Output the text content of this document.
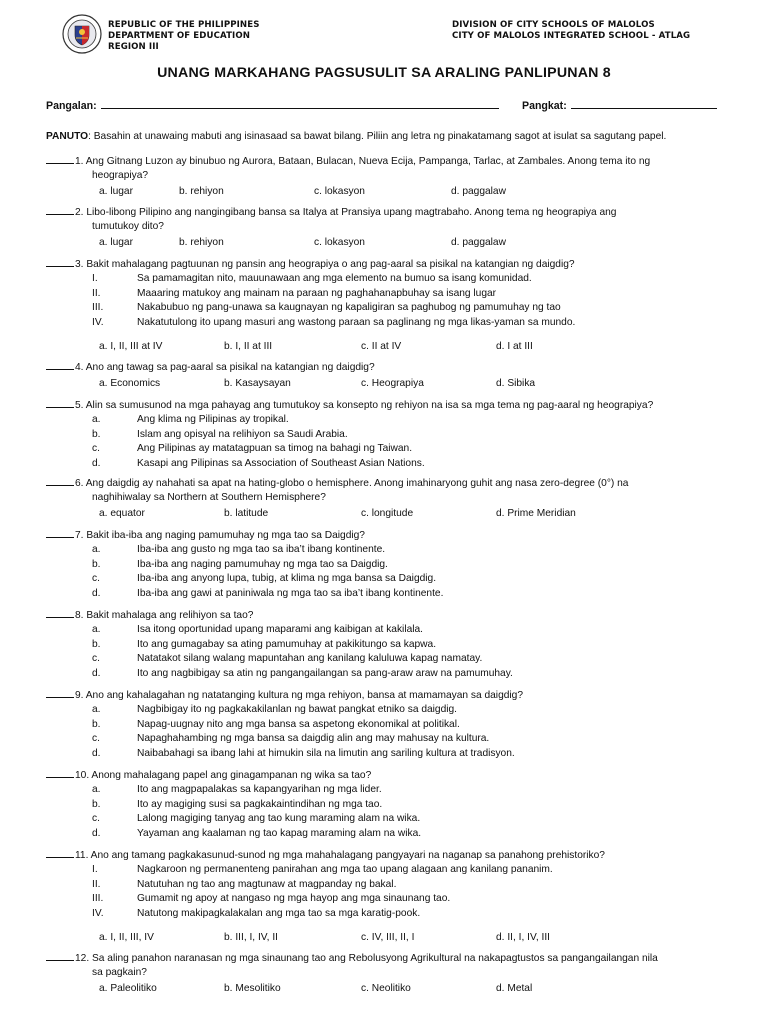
REPUBLIC OF THE PHILIPPINES
DEPARTMENT OF EDUCATION
REGION III
DIVISION OF CITY SCHOOLS OF MALOLOS
CITY OF MALOLOS INTEGRATED SCHOOL - ATLAG
UNANG MARKAHANG PAGSUSULIT SA ARALING PANLIPUNAN 8
Pangalan:	Pangkat:
PANUTO: Basahin at unawaing mabuti ang isinasaad sa bawat bilang. Piliin ang letra ng pinakatamang sagot at isulat sa sagutang papel.
1. Ang Gitnang Luzon ay binubuo ng Aurora, Bataan, Bulacan, Nueva Ecija, Pampanga, Tarlac, at Zambales. Anong tema ito ng
heograpiya?
a. lugar	b. rehiyon	c. lokasyon	d. paggalaw
2. Libo-libong Pilipino ang nangingibang bansa sa Italya at Pransiya upang magtrabaho. Anong tema ng heograpiya ang
tumutukoy dito?
a. lugar	b. rehiyon	c. lokasyon	d. paggalaw
3. Bakit mahalagang pagtuunan ng pansin ang heograpiya o ang pag-aaral sa pisikal na katangian ng daigdig?
I.	Sa pamamagitan nito, mauunawaan ang mga elemento na bumuo sa isang komunidad.
II.	Maaaring matukoy ang mainam na paraan ng paghahanapbuhay sa isang lugar
III.	Nakabubuo ng pang-unawa sa kaugnayan ng kapaligiran sa paghubog ng pamumuhay ng tao
IV.	Nakatutulong ito upang masuri ang wastong paraan sa paglinang ng mga likas-yaman sa mundo.
a. I, II, III at IV	b. I, II at III	c. II at IV	d. I at III
4. Ano ang tawag sa pag-aaral sa pisikal na katangian ng daigdig?
a. Economics	b. Kasaysayan	c. Heograpiya	d. Sibika
5. Alin sa sumusunod na mga pahayag ang tumutukoy sa konsepto ng rehiyon na isa sa mga tema ng pag-aaral ng heograpiya?
a.	Ang klima ng Pilipinas ay tropikal.
b.	Islam ang opisyal na relihiyon sa Saudi Arabia.
c.	Ang Pilipinas ay matatagpuan sa timog na bahagi ng Taiwan.
d.	Kasapi ang Pilipinas sa Association of Southeast Asian Nations.
6. Ang daigdig ay nahahati sa apat na hating-globo o hemisphere. Anong imahinaryong guhit ang nasa zero-degree (0°) na
naghihiwalay sa Northern at Southern Hemisphere?
a. equator	b. latitude	c. longitude	d. Prime Meridian
7. Bakit iba-iba ang naging pamumuhay ng mga tao sa Daigdig?
a.	Iba-iba ang gusto ng mga tao sa iba’t ibang kontinente.
b.	Iba-iba ang naging pamumuhay ng mga tao sa Daigdig.
c.	Iba-iba ang anyong lupa, tubig, at klima ng mga bansa sa Daigdig.
d.	Iba-iba ang gawi at paniniwala ng mga tao sa iba’t ibang kontinente.
8. Bakit mahalaga ang relihiyon sa tao?
a.	Isa itong oportunidad upang maparami ang kaibigan at kakilala.
b.	Ito ang gumagabay sa ating pamumuhay at pakikitungo sa kapwa.
c.	Natatakot silang walang mapuntahan ang kanilang kaluluwa kapag namatay.
d.	Ito ang nagbibigay sa atin ng pangangailangan sa pang-araw araw na pamumuhay.
9. Ano ang kahalagahan ng natatanging kultura ng mga rehiyon, bansa at mamamayan sa daigdig?
a.	Nagbibigay ito ng pagkakakilanlan ng bawat pangkat etniko sa daigdig.
b.	Napag-uugnay nito ang mga bansa sa aspetong ekonomikal at politikal.
c.	Napaghahambing ng mga bansa sa daigdig alin ang may mahusay na kultura.
d.	Naibabahagi sa ibang lahi at himukin sila na limutin ang sariling kultura at tradisyon.
10. Anong mahalagang papel ang ginagampanan ng wika sa tao?
a.	Ito ang magpapalakas sa kapangyarihan ng mga lider.
b.	Ito ay magiging susi sa pagkakaintindihan ng mga tao.
c.	Lalong magiging tanyag ang tao kung maraming alam na wika.
d.	Yayaman ang kaalaman ng tao kapag maraming alam na wika.
11. Ano ang tamang pagkakasunud-sunod ng mga mahahalagang pangyayari na naganap sa panahong prehistoriko?
I.	Nagkaroon ng permanenteng panirahan ang mga tao upang alagaan ang kanilang pananim.
II.	Natutuhan ng tao ang magtunaw at magpanday ng bakal.
III.	Gumamit ng apoy at nangaso ng mga hayop ang mga sinaunang tao.
IV.	Natutong makipagkalakalan ang mga tao sa mga karatig-pook.
a. I, II, III, IV	b. III, I, IV, II	c. IV, III, II, I	d. II, I, IV, III
12. Sa aling panahon naranasan ng mga sinaunang tao ang Rebolusyong Agrikultural na nakapagtustos sa pangangailangan nila
sa pagkain?
a. Paleolitiko	b. Mesolitiko	c. Neolitiko	d. Metal
